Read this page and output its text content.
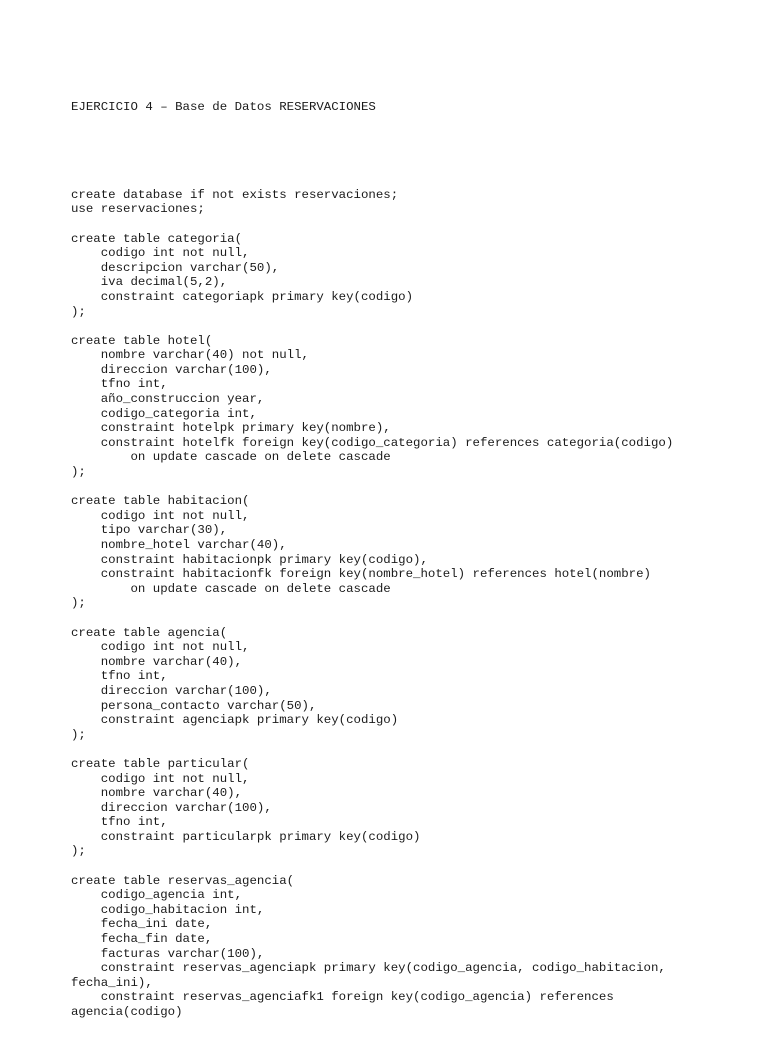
EJERCICIO 4 – Base de Datos RESERVACIONES

create database if not exists reservaciones;
use reservaciones;
create table categoria(
codigo int not null,
descripcion varchar(50),
iva decimal(5,2),
constraint categoriapk primary key(codigo)
);
create table hotel(
nombre varchar(40) not null,
direccion varchar(100),
tfno int,
año_construccion year,
codigo_categoria int,
constraint hotelpk primary key(nombre),
constraint hotelfk foreign key(codigo_categoria) references categoria(codigo)
on update cascade on delete cascade
);
create table habitacion(
codigo int not null,
tipo varchar(30),
nombre_hotel varchar(40),
constraint habitacionpk primary key(codigo),
constraint habitacionfk foreign key(nombre_hotel) references hotel(nombre)
on update cascade on delete cascade
);
create table agencia(
codigo int not null,
nombre varchar(40),
tfno int,
direccion varchar(100),
persona_contacto varchar(50),
constraint agenciapk primary key(codigo)
);
create table particular(
codigo int not null,
nombre varchar(40),
direccion varchar(100),
tfno int,
constraint particularpk primary key(codigo)
);
create table reservas_agencia(
codigo_agencia int,
codigo_habitacion int,
fecha_ini date,
fecha_fin date,
facturas varchar(100),
constraint reservas_agenciapk primary key(codigo_agencia, codigo_habitacion,
fecha_ini),
constraint reservas_agenciafk1 foreign key(codigo_agencia) references
agencia(codigo)
